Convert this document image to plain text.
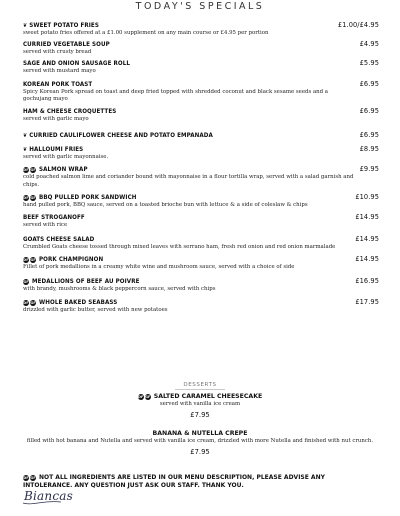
TODAY'S SPECIALS
❦ SWEET POTATO FRIES	£1.00/£4.95
sweet potato fries offered at a £1.00 supplement on any main course or £4.95 per portion
CURRIED VEGETABLE SOUP	£4.95
served with crusty bread
SAGE AND ONION SAUSAGE ROLL	£5.95
served with mustard mayo
KOREAN PORK TOAST	£6.95
Spicy Korean Pork spread on toast and deep fried topped with shredded coconut and black sesame seeds and a gochujang mayo
HAM & CHEESE CROQUETTES	£6.95
served with garlic mayo
❦ CURRIED CAULIFLOWER CHEESE AND POTATO EMPANADA	£6.95
❦ HALLOUMI FRIES	£8.95
served with garlic mayonnaise.
DFGF SALMON WRAP	£9.95
cold poached salmon lime and coriander bound with mayonnaise in a flour tortilla wrap, served with a salad garnish and chips.
DFGF BBQ PULLED PORK SANDWICH	£10.95
hand pulled pork, BBQ sauce, served on a toasted brioche bun with lettuce & a side of coleslaw & chips
BEEF STROGANOFF	£14.95
served with rice
GOATS CHEESE SALAD	£14.95
Crumbled Goats cheese tossed through mixed leaves with serrano ham, fresh red onion and red onion marmalade
DFGF PORK CHAMPIGNON	£14.95
Fillet of pork medallions in a creamy white wine and mushroom sauce, served with a choice of side
GF MEDALLIONS OF BEEF AU POIVRE	£16.95
with brandy, mushrooms & black peppercorn sauce, served with chips
DFGF WHOLE BAKED SEABASS	£17.95
drizzled with garlic butter, served with new potatoes
DESSERTS
DF GF SALTED CARAMEL CHEESECAKE
served with vanilla ice cream
£7.95
BANANA & NUTELLA CREPE
filled with hot banana and Nutella and served with vanilla ice cream, drizzled with more Nutella and finished with nut crunch.
£7.95
DF GF NOT ALL INGREDIENTS ARE LISTED IN OUR MENU DESCRIPTION, PLEASE ADVISE ANY INTOLERANCE. ANY QUESTION JUST ASK OUR STAFF. THANK YOU.
Biancas
